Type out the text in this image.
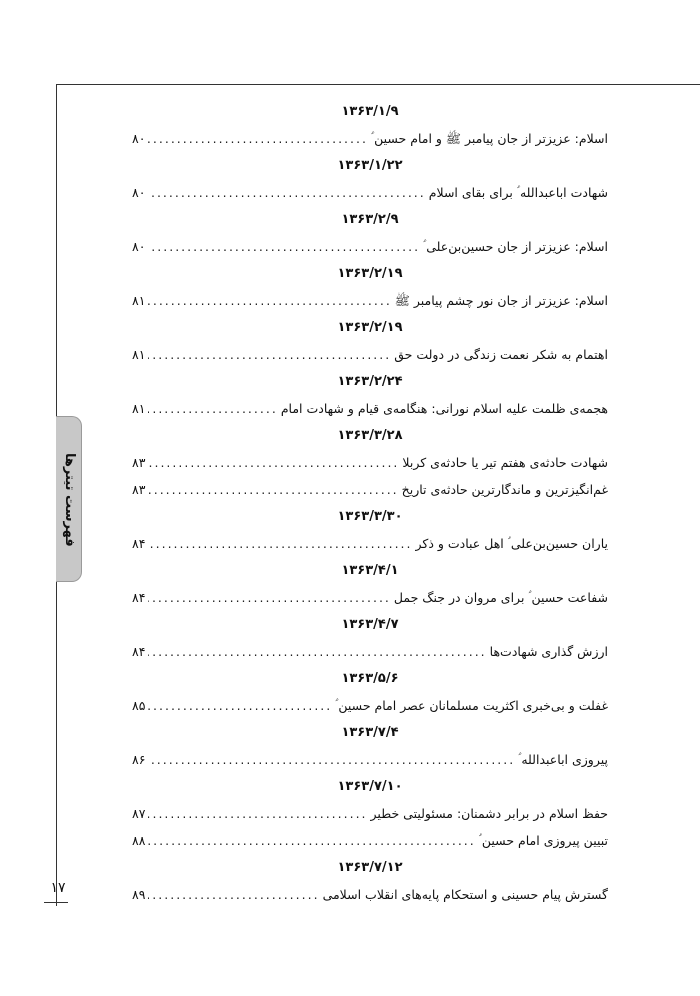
فهرست تیترها
۱۷
۱۳۶۳/۱/۹
اسلام: عزیزتر از جان پیامبر ﷺ و امام حسین ؑ
.....
۸۰
۱۳۶۳/۱/۲۲
شهادت اباعبدالله ؑ برای بقای اسلام
.....
۸۰
۱۳۶۳/۲/۹
اسلام: عزیزتر از جان حسین‌بن‌علی ؑ
.....
۸۰
۱۳۶۳/۲/۱۹
اسلام: عزیزتر از جان نور چشم پیامبر ﷺ
.....
۸۱
۱۳۶۳/۲/۱۹
اهتمام به شکر نعمت زندگی در دولت حق
.....
۸۱
۱۳۶۳/۲/۲۴
هجمه‌ی ظلمت علیه اسلام نورانی: هنگامه‌ی قیام و شهادت امام
.....
۸۱
۱۳۶۳/۳/۲۸
شهادت حادثه‌ی هفتم تیر یا حادثه‌ی کربلا
.....
۸۳
غم‌انگیزترین و ماندگارترین حادثه‌ی تاریخ
.....
۸۳
۱۳۶۳/۳/۳۰
یاران حسین‌بن‌علی ؑ اهل عبادت و ذکر
.....
۸۴
۱۳۶۳/۴/۱
شفاعت حسین ؑ برای مروان در جنگ جمل
.....
۸۴
۱۳۶۳/۴/۷
ارزش گذاری شهادت‌ها
.....
۸۴
۱۳۶۳/۵/۶
غفلت و بی‌خبری اکثریت مسلمانان عصر امام حسین ؑ
.....
۸۵
۱۳۶۳/۷/۴
پیروزی اباعبدالله ؑ
.....
۸۶
۱۳۶۳/۷/۱۰
حفظ اسلام در برابر دشمنان: مسئولیتی خطیر
.....
۸۷
تبیین پیروزی امام حسین ؑ
.....
۸۸
۱۳۶۳/۷/۱۲
گسترش پیام حسینی و استحکام پایه‌های انقلاب اسلامی
.....
۸۹
